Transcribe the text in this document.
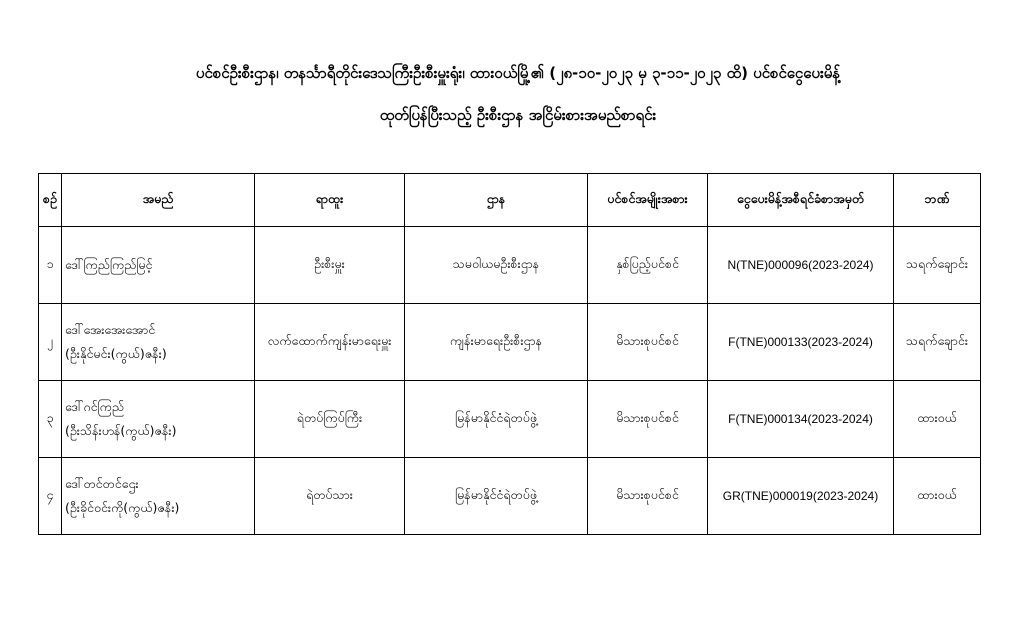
ပင်စင်ဦးစီးဌာန၊ တနင်္သာရီတိုင်းဒေသကြီးဦးစီးမှူးရုံး၊ ထားဝယ်မြို့၏ (၂၈-၁၀-၂၀၂၃ မှ ၃-၁၁-၂၀၂၃ ထိ) ပင်စင်ငွေပေးမိန့်
ထုတ်ပြန်ပြီးသည့် ဦးစီးဌာန အငြိမ်းစားအမည်စာရင်း
စဉ်	အမည်	ရာထူး	ဌာန	ပင်စင်အမျိုးအစား	ငွေပေးမိန့်အစီရင်ခံစာအမှတ်	ဘဏ်
၁	ဒေါ်ကြည်ကြည်မြင့်	ဦးစီးမှူး	သမဝါယမဦးစီးဌာန	နှစ်ပြည့်ပင်စင်	N(TNE)000096(2023-2024)	သရက်ချောင်း
၂	ဒေါ်အေးအေးအောင်
(ဦးနိုင်မင်း(ကွယ်)ဇနီး)	လက်ထောက်ကျန်းမာရေးမှူး	ကျန်းမာရေးဦးစီးဌာန	မိသားစုပင်စင်	F(TNE)000133(2023-2024)	သရက်ချောင်း
၃	ဒေါ်ဂင်ကြည်
(ဦးသိန်းဟန်(ကွယ်)ဇနီး)	ရဲတပ်ကြပ်ကြီး	မြန်မာနိုင်ငံရဲတပ်ဖွဲ့	မိသားစုပင်စင်	F(TNE)000134(2023-2024)	ထားဝယ်
၄	ဒေါ်တင်တင်ဌေး
(ဦးခိုင်ဝင်းကို(ကွယ်)ဇနီး)	ရဲတပ်သား	မြန်မာနိုင်ငံရဲတပ်ဖွဲ့	မိသားစုပင်စင်	GR(TNE)000019(2023-2024)	ထားဝယ်
